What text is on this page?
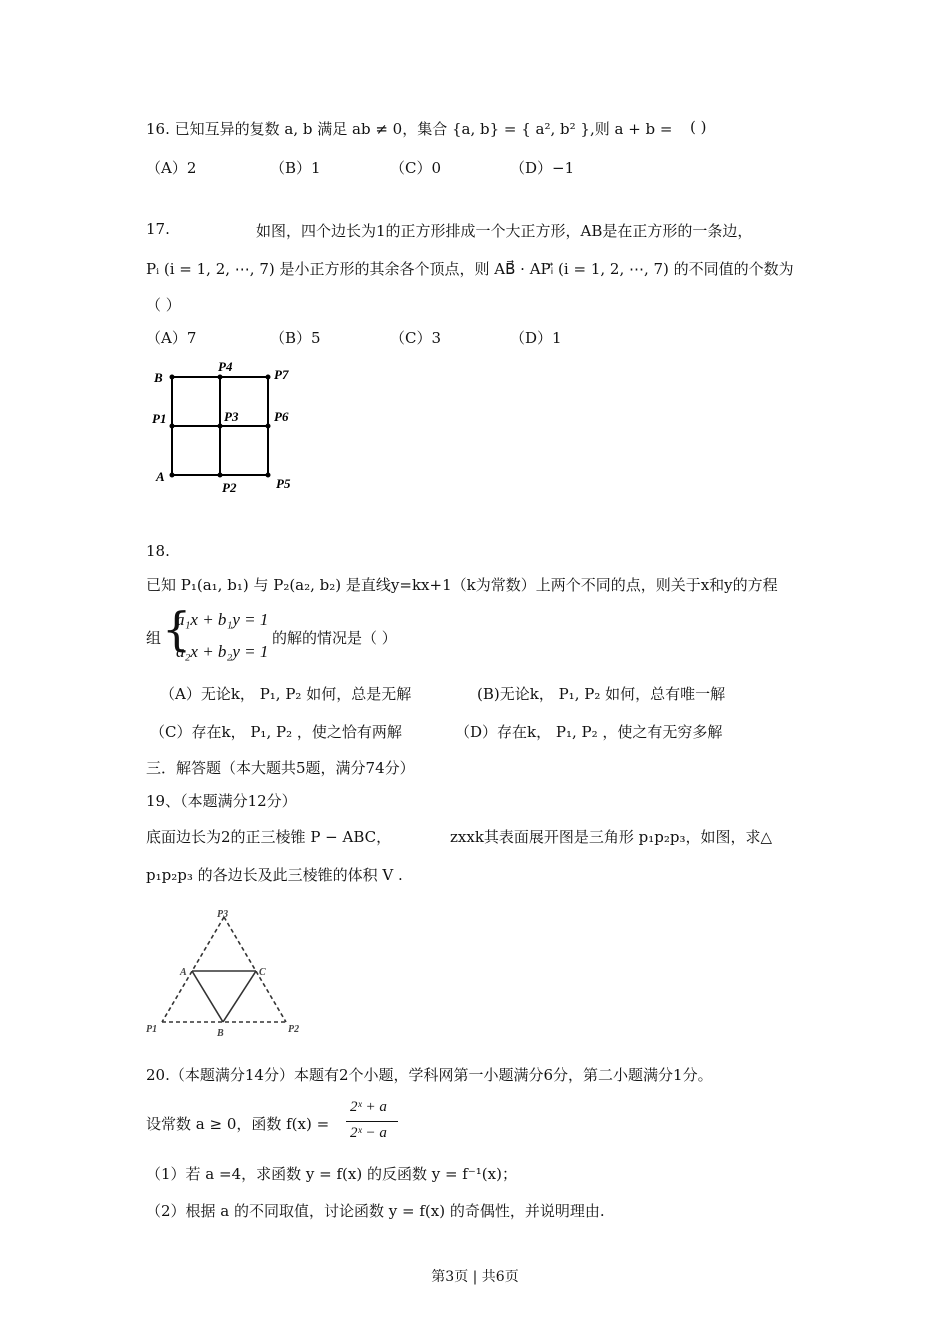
16. 已知互异的复数 a, b 满足 ab ≠ 0，集合 {a, b} = { a², b² },则 a + b = ( )
（A）2	（B）1	（C）0	（D）−1
17.	如图，四个边长为1的正方形排成一个大正方形，AB是在正方形的一条边，
Pᵢ (i = 1, 2, ⋯, 7) 是小正方形的其余各个顶点，则 AB⃗ · APᵢ⃗ (i = 1, 2, ⋯, 7) 的不同值的个数为
（ ）
（A）7	（B）5	（C）3	（D）1
B
P4
P7
P1	P3	P6
A
P2	P5
18.
已知 P₁(a₁, b₁) 与 P₂(a₂, b₂) 是直线y=kx+1（k为常数）上两个不同的点，则关于x和y的方程
组 {
a₁x + b₁y = 1
a₂x + b₂y = 1
的解的情况是（ ）
（A）无论k， P₁, P₂ 如何，总是无解	(B)无论k， P₁, P₂ 如何，总有唯一解
（C）存在k， P₁, P₂ ，使之恰有两解	（D）存在k， P₁, P₂ ，使之有无穷多解
三．解答题（本大题共5题，满分74分）
19、（本题满分12分）
底面边长为2的正三棱锥 P − ABC，	zxxk其表面展开图是三角形 p₁p₂p₃，如图，求△
p₁p₂p₃ 的各边长及此三棱锥的体积 V .
P3
A	C
P1	B	P2
20.（本题满分14分）本题有2个小题，学科网第一小题满分6分，第二小题满分1分。
设常数 a ≥ 0，函数 f(x) =
2ˣ + a
2ˣ − a
（1）若 a =4，求函数 y = f(x) 的反函数 y = f⁻¹(x)；
（2）根据 a 的不同取值，讨论函数 y = f(x) 的奇偶性，并说明理由.
第3页 | 共6页
